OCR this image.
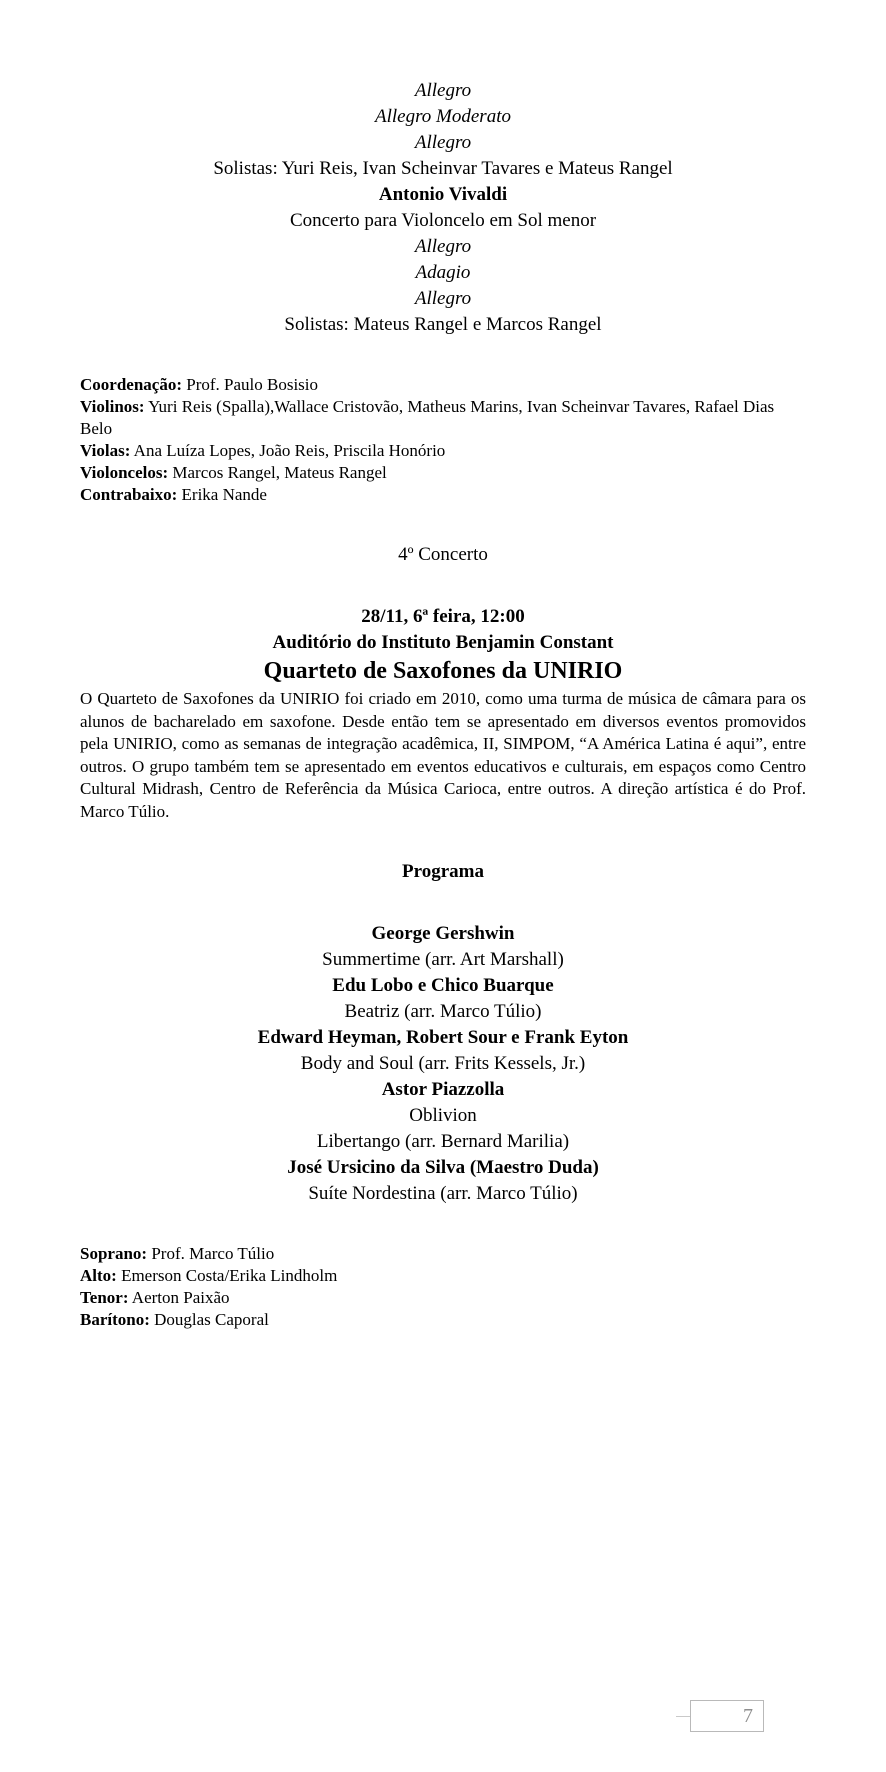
Allegro
Allegro Moderato
Allegro
Solistas: Yuri Reis, Ivan Scheinvar Tavares e Mateus Rangel
Antonio Vivaldi
Concerto para Violoncelo em Sol menor
Allegro
Adagio
Allegro
Solistas: Mateus Rangel e Marcos Rangel
Coordenação: Prof. Paulo Bosisio
Violinos: Yuri Reis (Spalla),Wallace Cristovão, Matheus Marins, Ivan Scheinvar Tavares, Rafael Dias Belo
Violas: Ana Luíza Lopes, João Reis, Priscila Honório
Violoncelos: Marcos Rangel, Mateus Rangel
Contrabaixo: Erika Nande
4º Concerto
28/11, 6ª feira, 12:00
Auditório do Instituto Benjamin Constant
Quarteto de Saxofones da UNIRIO
O Quarteto de Saxofones da UNIRIO foi criado em 2010, como uma turma de música de câmara para os alunos de bacharelado em saxofone. Desde então tem se apresentado em diversos eventos promovidos pela UNIRIO, como as semanas de integração acadêmica, II, SIMPOM, “A América Latina é aqui”, entre outros. O grupo também tem se apresentado em eventos educativos e culturais, em espaços como Centro Cultural Midrash, Centro de Referência da Música Carioca, entre outros. A direção artística é do Prof. Marco Túlio.
Programa
George Gershwin
Summertime (arr. Art Marshall)
Edu Lobo e Chico Buarque
Beatriz (arr. Marco Túlio)
Edward Heyman, Robert Sour e Frank Eyton
Body and Soul (arr. Frits Kessels, Jr.)
Astor Piazzolla
Oblivion
Libertango (arr. Bernard Marilia)
José Ursicino da Silva (Maestro Duda)
Suíte Nordestina (arr. Marco Túlio)
Soprano: Prof. Marco Túlio
Alto: Emerson Costa/Erika Lindholm
Tenor: Aerton Paixão
Barítono: Douglas Caporal
7
